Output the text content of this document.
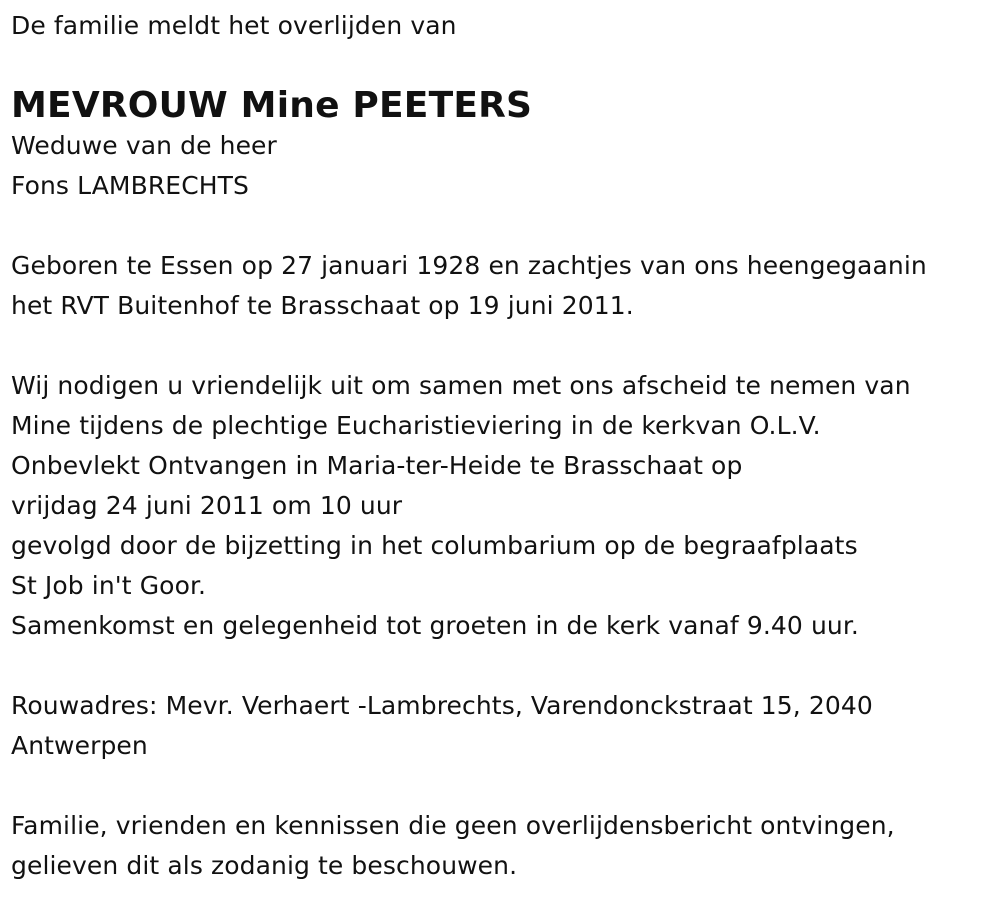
De familie meldt het overlijden van
MEVROUW Mine PEETERS
Weduwe van de heer
Fons LAMBRECHTS
Geboren te Essen op 27 januari 1928 en zachtjes van ons heengegaanin
het RVT Buitenhof te Brasschaat op 19 juni 2011.
Wij nodigen u vriendelijk uit om samen met ons afscheid te nemen van
Mine tijdens de plechtige Eucharistieviering in de kerkvan O.L.V.
Onbevlekt Ontvangen in Maria-ter-Heide te Brasschaat op
vrijdag 24 juni 2011 om 10 uur
gevolgd door de bijzetting in het columbarium op de begraafplaats
St Job in't Goor.
Samenkomst en gelegenheid tot groeten in de kerk vanaf 9.40 uur.
Rouwadres: Mevr. Verhaert -Lambrechts, Varendonckstraat 15, 2040
Antwerpen
Familie, vrienden en kennissen die geen overlijdensbericht ontvingen,
gelieven dit als zodanig te beschouwen.
